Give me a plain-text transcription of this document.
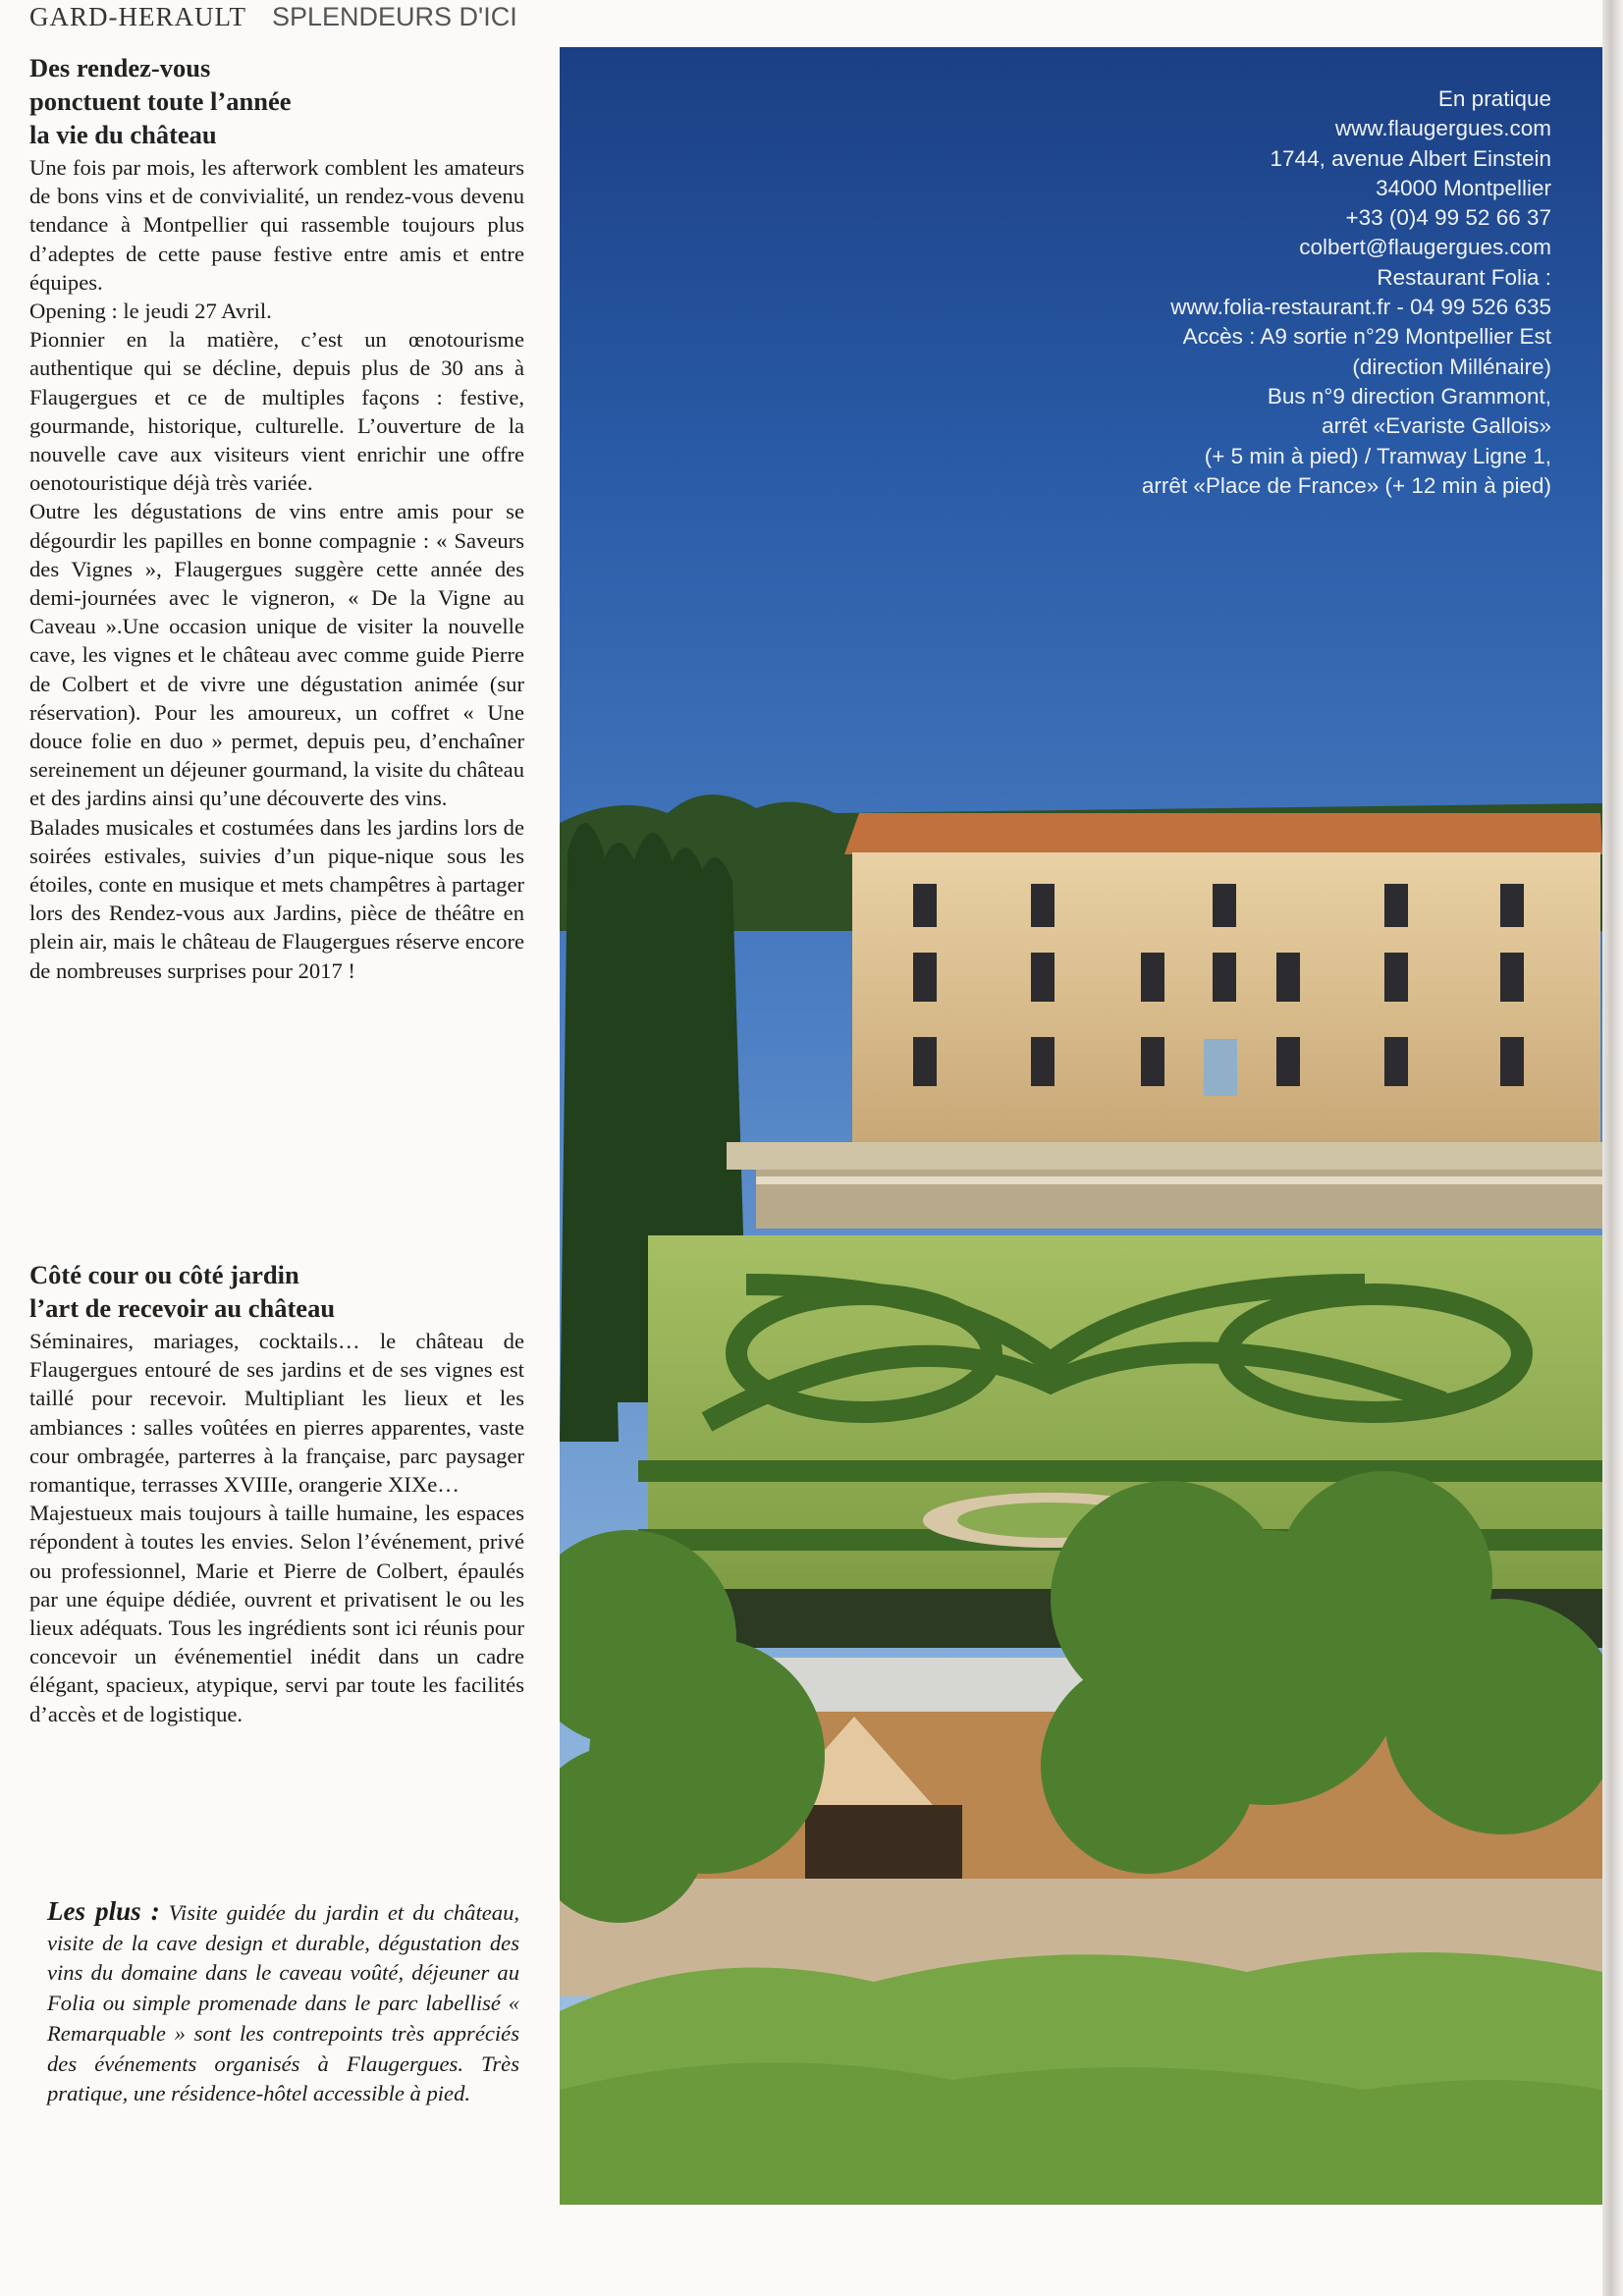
GARD-HERAULT SPLENDEURS D'ICI
Des rendez-vous
ponctuent toute l’année
la vie du château

Une fois par mois, les afterwork comblent les amateurs de bons vins et de convivialité, un rendez-vous devenu tendance à Montpellier qui rassemble toujours plus d’adeptes de cette pause festive entre amis et entre équipes.

Opening : le jeudi 27 Avril.

Pionnier en la matière, c’est un œnotourisme authentique qui se décline, depuis plus de 30 ans à Flaugergues et ce de multiples façons : festive, gourmande, historique, culturelle. L’ouverture de la nouvelle cave aux visiteurs vient enrichir une offre oenotouristique déjà très variée.

Outre les dégustations de vins entre amis pour se dégourdir les papilles en bonne compagnie : « Saveurs des Vignes », Flaugergues suggère cette année des demi-journées avec le vigneron, « De la Vigne au Caveau ».Une occasion unique de visiter la nouvelle cave, les vignes et le château avec comme guide Pierre de Colbert et de vivre une dégustation animée (sur réservation). Pour les amoureux, un coffret « Une douce folie en duo » permet, depuis peu, d’enchaîner sereinement un déjeuner gourmand, la visite du château et des jardins ainsi qu’une découverte des vins.

Balades musicales et costumées dans les jardins lors de soirées estivales, suivies d’un pique-nique sous les étoiles, conte en musique et mets champêtres à partager lors des Rendez-vous aux Jardins, pièce de théâtre en plein air, mais le château de Flaugergues réserve encore de nombreuses surprises pour 2017 !

Côté cour ou côté jardin
l’art de recevoir au château

Séminaires, mariages, cocktails… le château de Flaugergues entouré de ses jardins et de ses vignes est taillé pour recevoir. Multipliant les lieux et les ambiances : salles voûtées en pierres apparentes, vaste cour ombragée, parterres à la française, parc paysager romantique, terrasses XVIIIe, orangerie XIXe…

Majestueux mais toujours à taille humaine, les espaces répondent à toutes les envies. Selon l’événement, privé ou professionnel, Marie et Pierre de Colbert, épaulés par une équipe dédiée, ouvrent et privatisent le ou les lieux adéquats. Tous les ingrédients sont ici réunis pour concevoir un événementiel inédit dans un cadre élégant, spacieux, atypique, servi par toute les facilités d’accès et de logistique.

Les plus : Visite guidée du jardin et du château, visite de la cave design et durable, dégustation des vins du domaine dans le caveau voûté, déjeuner au Folia ou simple promenade dans le parc labellisé « Remarquable » sont les contrepoints très appréciés des événements organisés à Flaugergues. Très pratique, une résidence-hôtel accessible à pied.
En pratique
www.flaugergues.com
1744, avenue Albert Einstein
34000 Montpellier
+33 (0)4 99 52 66 37
colbert@flaugergues.com
Restaurant Folia :
www.folia-restaurant.fr - 04 99 526 635
Accès : A9 sortie n°29 Montpellier Est
(direction Millénaire)
Bus n°9 direction Grammont,
arrêt «Evariste Gallois»
(+ 5 min à pied) / Tramway Ligne 1,
arrêt «Place de France» (+ 12 min à pied)
